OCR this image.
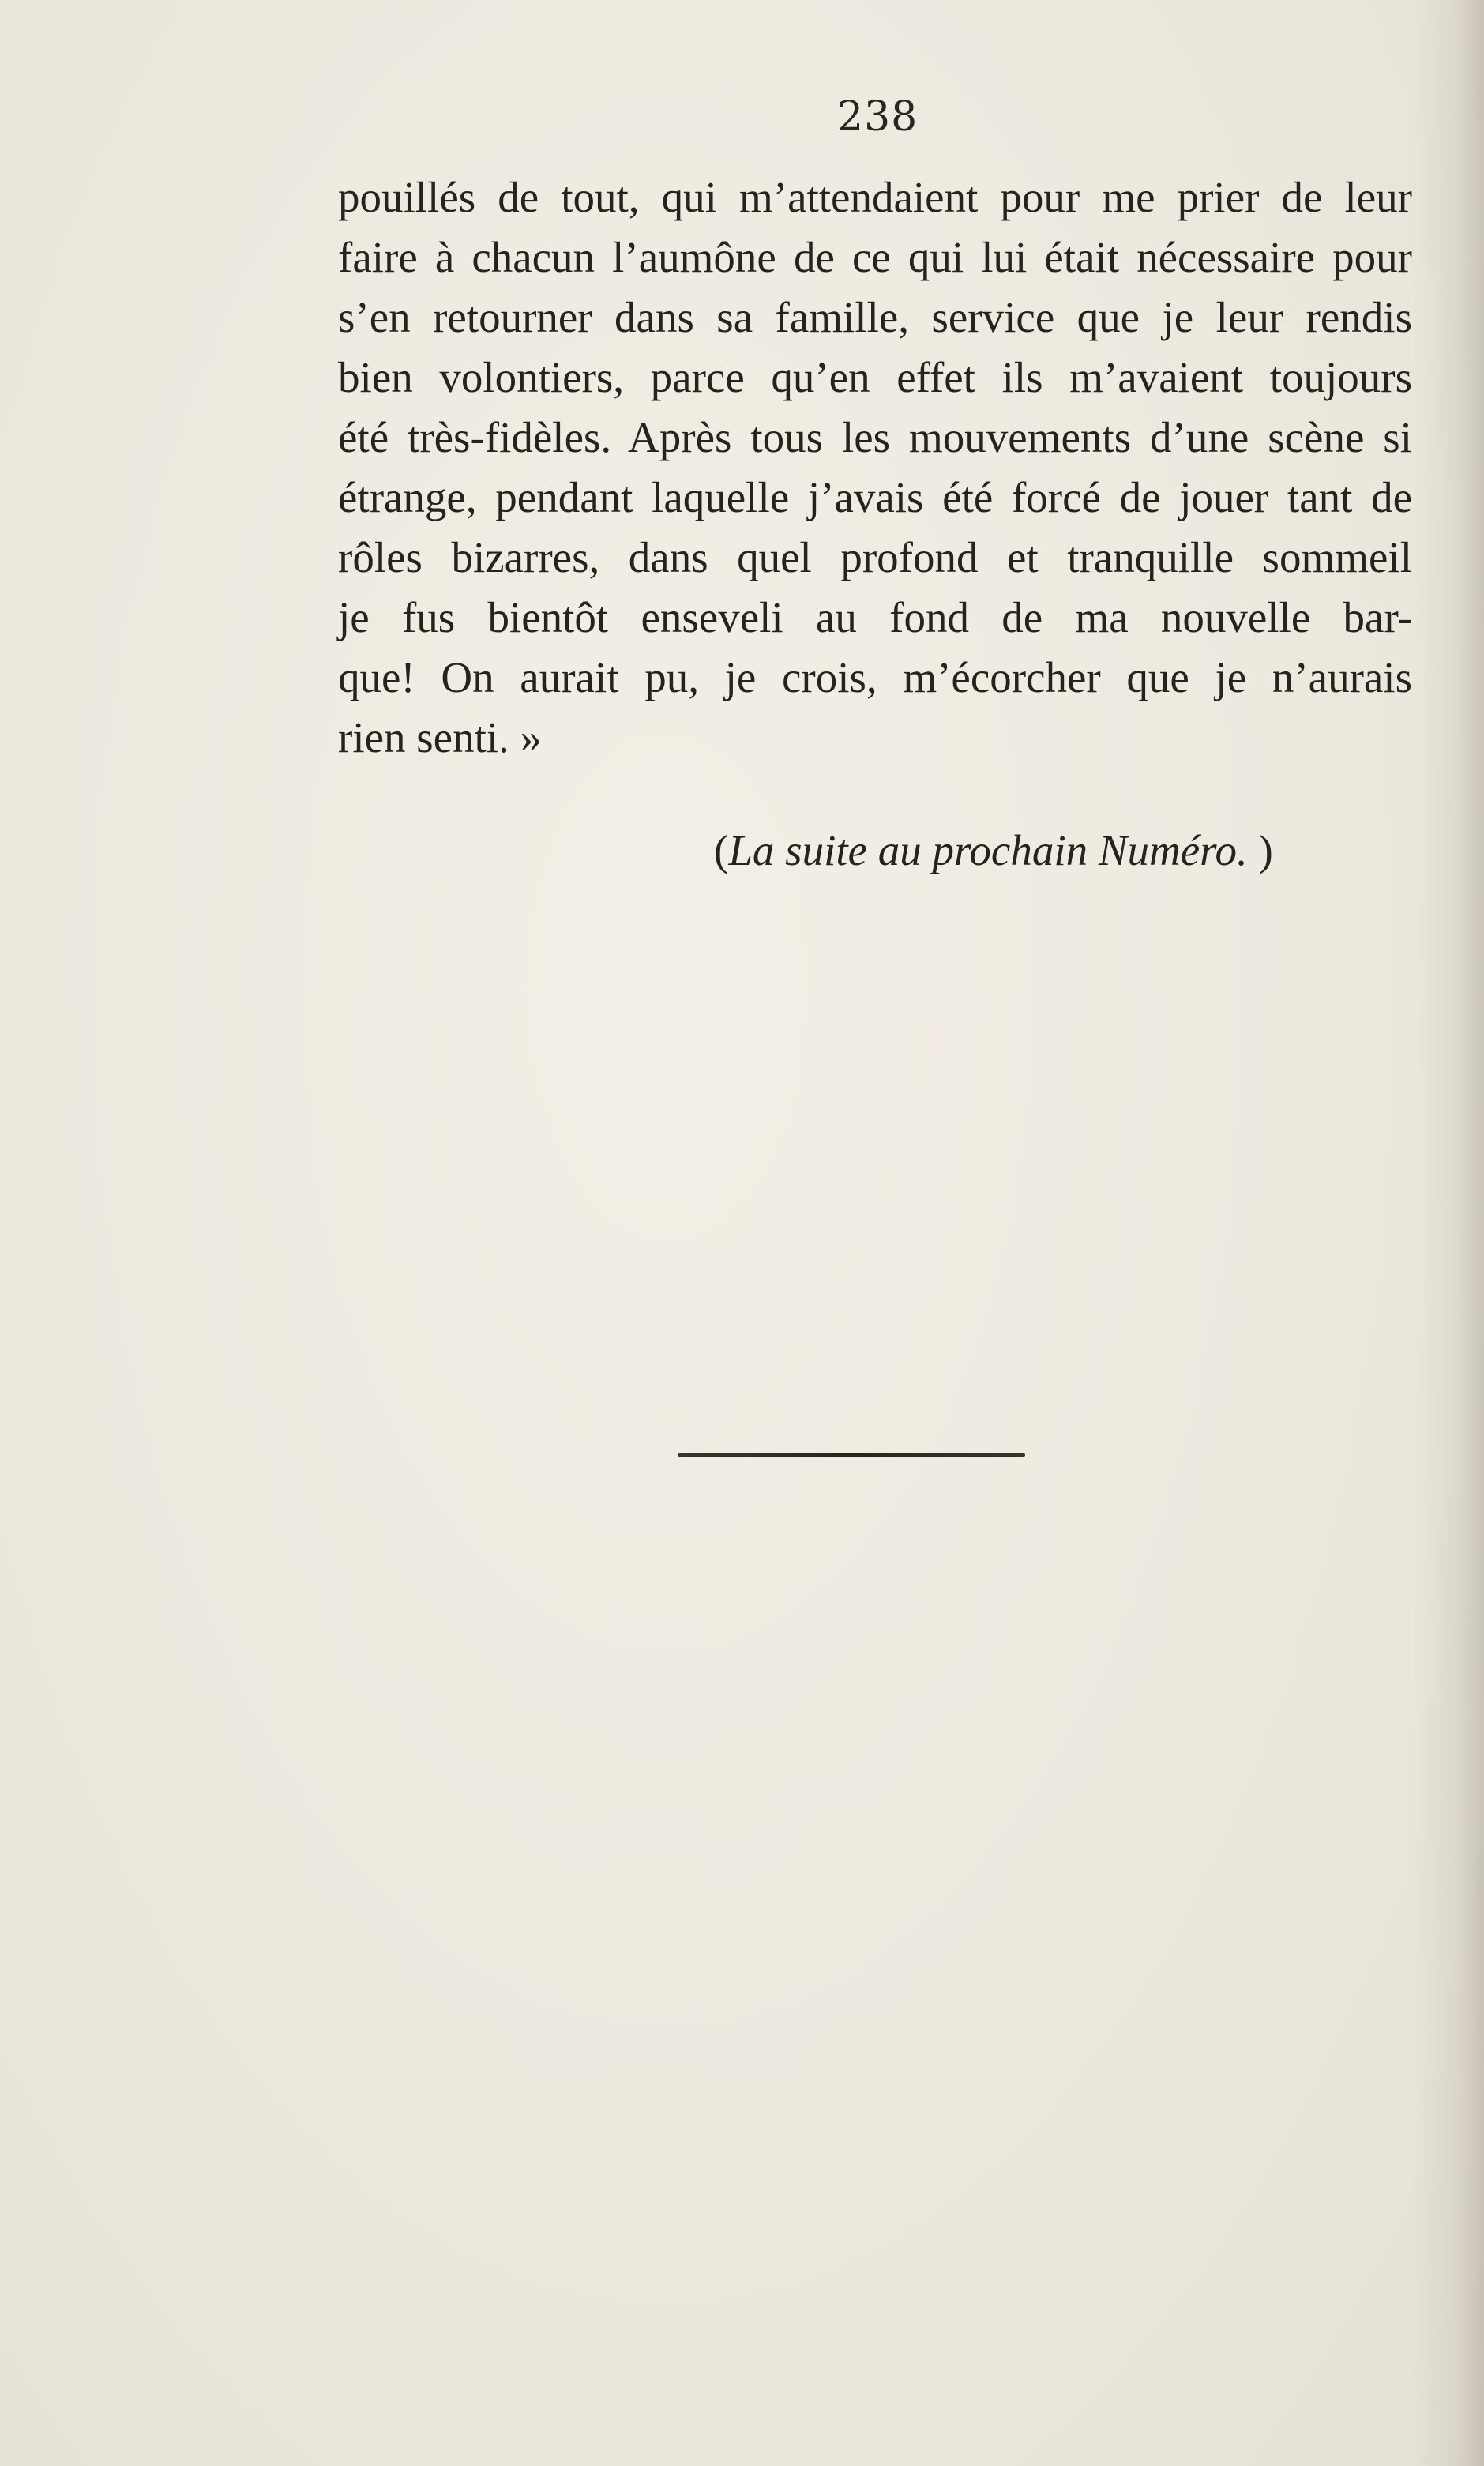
238
pouillés de tout, qui m’attendaient pour me prier de leur
faire à chacun l’aumône de ce qui lui était nécessaire pour
s’en retourner dans sa famille, service que je leur rendis
bien volontiers, parce qu’en effet ils m’avaient toujours
été très-fidèles. Après tous les mouvements d’une scène si
étrange, pendant laquelle j’avais été forcé de jouer tant de
rôles bizarres, dans quel profond et tranquille sommeil
je fus bientôt enseveli au fond de ma nouvelle bar-
que! On aurait pu, je crois, m’écorcher que je n’aurais
rien senti. »
(La suite au prochain Numéro. )
